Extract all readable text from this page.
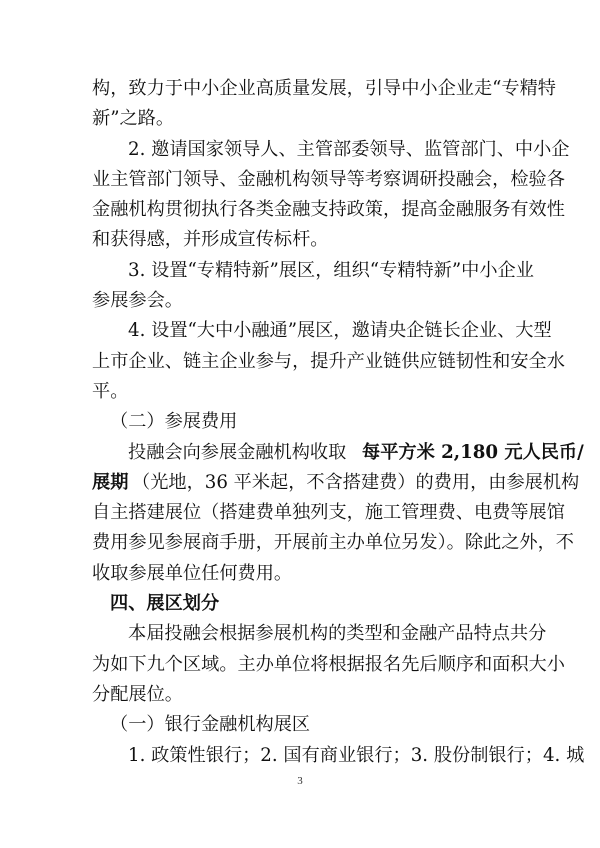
构，致力于中小企业高质量发展，引导中小企业走“专精特
新”之路。
2. 邀请国家领导人、主管部委领导、监管部门、中小企
业主管部门领导、金融机构领导等考察调研投融会，检验各
金融机构贯彻执行各类金融支持政策，提高金融服务有效性
和获得感，并形成宣传标杆。
3. 设置“专精特新”展区，组织“专精特新”中小企业
参展参会。
4. 设置“大中小融通”展区，邀请央企链长企业、大型
上市企业、链主企业参与，提升产业链供应链韧性和安全水
平。
（二）参展费用
投融会向参展金融机构收取 每平方米 2,180 元人民币/
展期 （光地，36 平米起，不含搭建费）的费用，由参展机构
自主搭建展位（搭建费单独列支，施工管理费、电费等展馆
费用参见参展商手册，开展前主办单位另发）。除此之外，不
收取参展单位任何费用。
四、展区划分
本届投融会根据参展机构的类型和金融产品特点共分
为如下九个区域。主办单位将根据报名先后顺序和面积大小
分配展位。
（一）银行金融机构展区
1. 政策性银行；2. 国有商业银行；3. 股份制银行；4. 城
3
